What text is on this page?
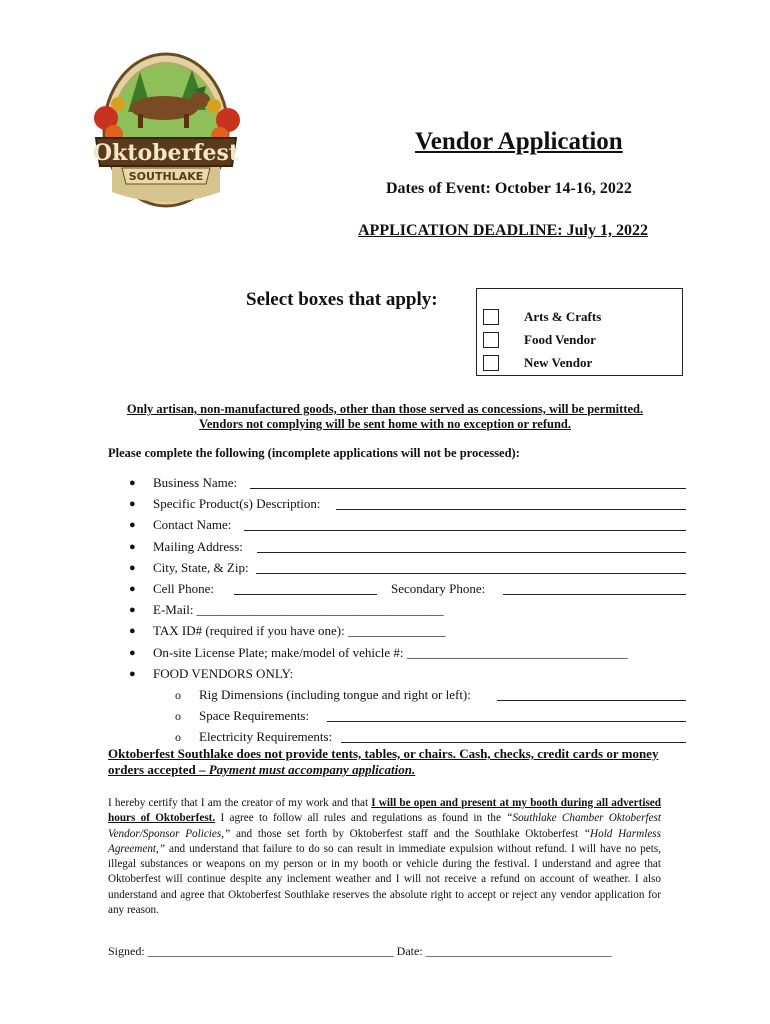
Oktoberfest
SOUTHLAKE
Vendor Application
Dates of Event: October 14-16, 2022
APPLICATION DEADLINE: July 1, 2022
Select boxes that apply:
Arts & Crafts
Food Vendor
New Vendor
Only artisan, non-manufactured goods, other than those served as concessions, will be permitted. Vendors not complying will be sent home with no exception or refund.
Please complete the following (incomplete applications will not be processed):
● Business Name:
● Specific Product(s) Description:
● Contact Name:
● Mailing Address:
● City, State, & Zip:
● Cell Phone:	Secondary Phone:
● E-Mail: ______________________________________
● TAX ID# (required if you have one): _______________
● On-site License Plate; make/model of vehicle #: __________________________________
● FOOD VENDORS ONLY:
o Rig Dimensions (including tongue and right or left):
o Space Requirements:
o Electricity Requirements:
Oktoberfest Southlake does not provide tents, tables, or chairs. Cash, checks, credit cards or money orders accepted – Payment must accompany application.
I hereby certify that I am the creator of my work and that I will be open and present at my booth during all advertised hours of Oktoberfest. I agree to follow all rules and regulations as found in the “Southlake Chamber Oktoberfest Vendor/Sponsor Policies,” and those set forth by Oktoberfest staff and the Southlake Oktoberfest “Hold Harmless Agreement,” and understand that failure to do so can result in immediate expulsion without refund. I will have no pets, illegal substances or weapons on my person or in my booth or vehicle during the festival. I understand and agree that Oktoberfest will continue despite any inclement weather and I will not receive a refund on account of weather. I also understand and agree that Oktoberfest Southlake reserves the absolute right to accept or reject any vendor application for any reason.
Signed: _________________________________________ Date: _______________________________
